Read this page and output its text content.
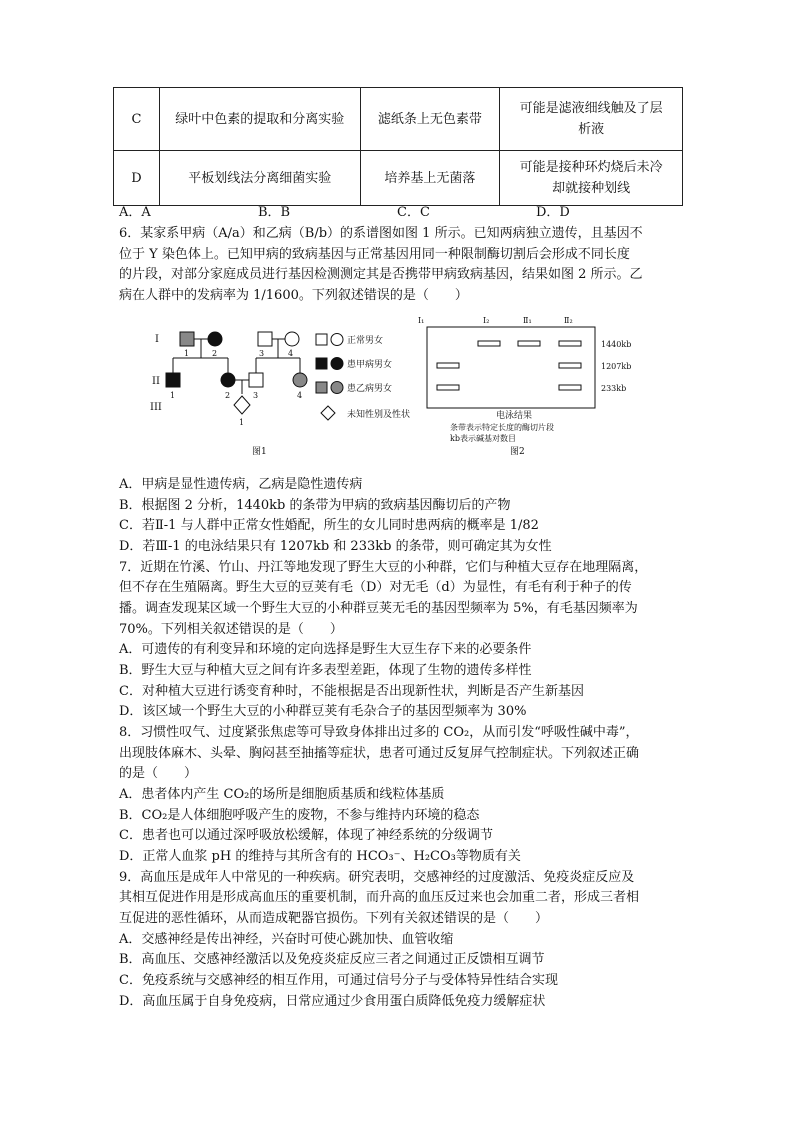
C	绿叶中色素的提取和分离实验	滤纸条上无色素带	可能是滤液细线触及了层
析液

D	平板划线法分离细菌实验	培养基上无菌落	可能是接种环灼烧后未冷
却就接种划线
A．A	B．B	C．C	D．D
6．某家系甲病（A/a）和乙病（B/b）的系谱图如图 1 所示。已知两病独立遗传，且基因不
位于 Y 染色体上。已知甲病的致病基因与正常基因用同一种限制酶切割后会形成不同长度
的片段，对部分家庭成员进行基因检测测定其是否携带甲病致病基因，结果如图 2 所示。乙
病在人群中的发病率为 1/1600。下列叙述错误的是（　　）
I
II
III
1	2	3	4
1	2	3	4
1
正常男女
患甲病男女
患乙病男女
未知性别及性状
图1
I₁	I₂	Ⅱ₁	Ⅱ₂
1440kb
1207kb
233kb
电泳结果
条带表示特定长度的酶切片段
kb表示碱基对数目
图2
A．甲病是显性遗传病，乙病是隐性遗传病
B．根据图 2 分析，1440kb 的条带为甲病的致病基因酶切后的产物
C．若Ⅱ-1 与人群中正常女性婚配，所生的女儿同时患两病的概率是 1/82
D．若Ⅲ-1 的电泳结果只有 1207kb 和 233kb 的条带，则可确定其为女性
7．近期在竹溪、竹山、丹江等地发现了野生大豆的小种群，它们与种植大豆存在地理隔离，
但不存在生殖隔离。野生大豆的豆荚有毛（D）对无毛（d）为显性，有毛有利于种子的传
播。调查发现某区域一个野生大豆的小种群豆荚无毛的基因型频率为 5%，有毛基因频率为
70%。下列相关叙述错误的是（　　）
A．可遗传的有利变异和环境的定向选择是野生大豆生存下来的必要条件
B．野生大豆与种植大豆之间有许多表型差距，体现了生物的遗传多样性
C．对种植大豆进行诱变育种时，不能根据是否出现新性状，判断是否产生新基因
D．该区域一个野生大豆的小种群豆荚有毛杂合子的基因型频率为 30%
8．习惯性叹气、过度紧张焦虑等可导致身体排出过多的 CO₂，从而引发“呼吸性碱中毒”，
出现肢体麻木、头晕、胸闷甚至抽搐等症状，患者可通过反复屏气控制症状。下列叙述正确
的是（　　）
A．患者体内产生 CO₂的场所是细胞质基质和线粒体基质
B．CO₂是人体细胞呼吸产生的废物，不参与维持内环境的稳态
C．患者也可以通过深呼吸放松缓解，体现了神经系统的分级调节
D．正常人血浆 pH 的维持与其所含有的 HCO₃⁻、H₂CO₃等物质有关
9．高血压是成年人中常见的一种疾病。研究表明，交感神经的过度激活、免疫炎症反应及
其相互促进作用是形成高血压的重要机制，而升高的血压反过来也会加重二者，形成三者相
互促进的恶性循环，从而造成靶器官损伤。下列有关叙述错误的是（　　）
A．交感神经是传出神经，兴奋时可使心跳加快、血管收缩
B．高血压、交感神经激活以及免疫炎症反应三者之间通过正反馈相互调节
C．免疫系统与交感神经的相互作用，可通过信号分子与受体特异性结合实现
D．高血压属于自身免疫病，日常应通过少食用蛋白质降低免疫力缓解症状
